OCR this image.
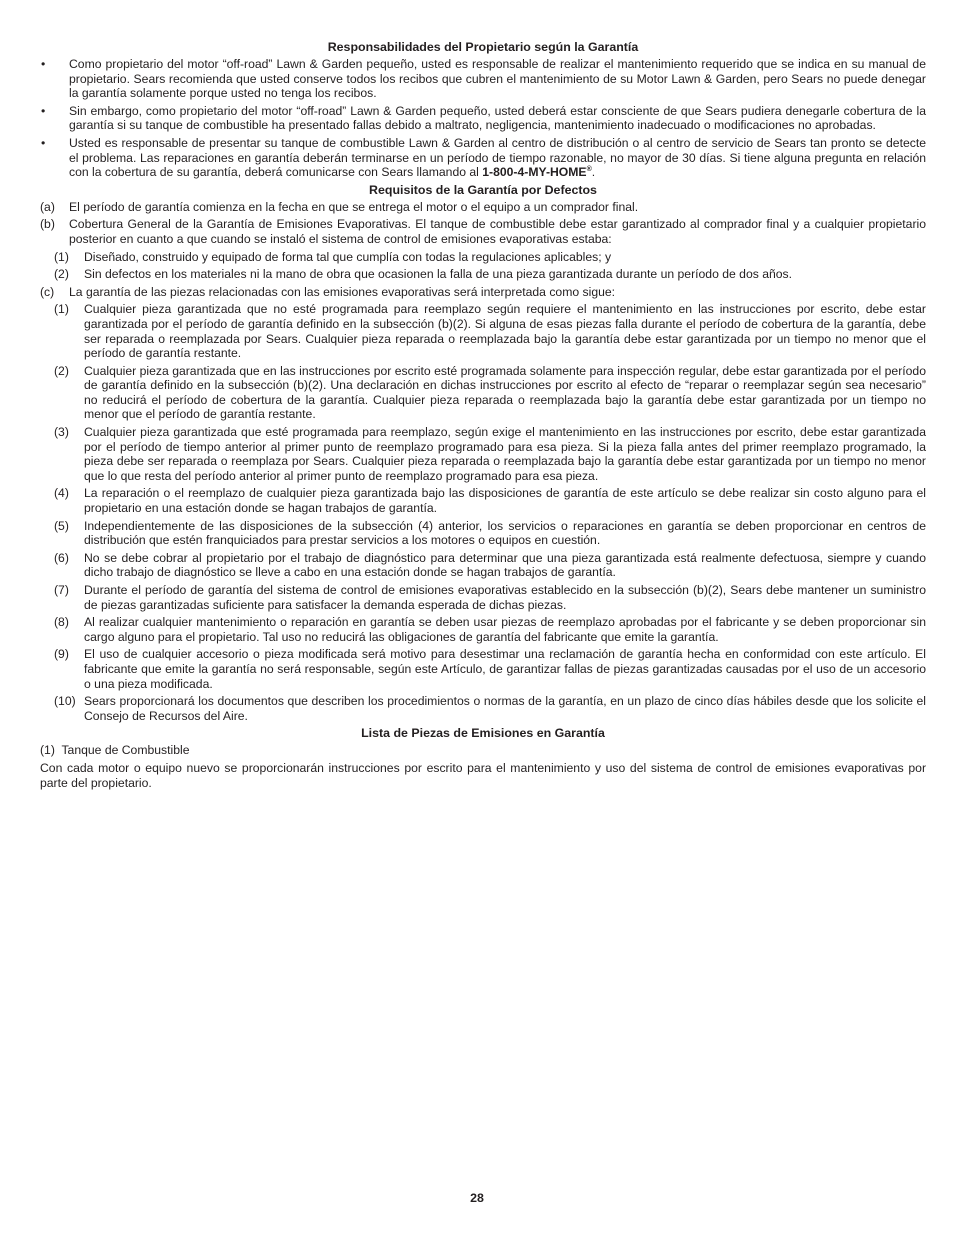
Responsabilidades del Propietario según la Garantía
• Como propietario del motor “off-road” Lawn & Garden pequeño, usted es responsable de realizar el mantenimiento requerido que se indica en su manual de propietario. Sears recomienda que usted conserve todos los recibos que cubren el mantenimiento de su Motor Lawn & Garden, pero Sears no puede denegar la garantía solamente porque usted no tenga los recibos.
• Sin embargo, como propietario del motor “off-road” Lawn & Garden pequeño, usted deberá estar consciente de que Sears pudiera denegarle cobertura de la garantía si su tanque de combustible ha presentado fallas debido a maltrato, negligencia, mantenimiento inadecuado o modificaciones no aprobadas.
• Usted es responsable de presentar su tanque de combustible Lawn & Garden al centro de distribución o al centro de servicio de Sears tan pronto se detecte el problema. Las reparaciones en garantía deberán terminarse en un período de tiempo razonable, no mayor de 30 días. Si tiene alguna pregunta en relación con la cobertura de su garantía, deberá comunicarse con Sears llamando al 1-800-4-MY-HOME®.
Requisitos de la Garantía por Defectos
(a) El período de garantía comienza en la fecha en que se entrega el motor o el equipo a un comprador final.
(b) Cobertura General de la Garantía de Emisiones Evaporativas. El tanque de combustible debe estar garantizado al comprador final y a cualquier propietario posterior en cuanto a que cuando se instaló el sistema de control de emisiones evaporativas estaba:
(1) Diseñado, construido y equipado de forma tal que cumplía con todas la regulaciones aplicables; y
(2) Sin defectos en los materiales ni la mano de obra que ocasionen la falla de una pieza garantizada durante un período de dos años.
(c) La garantía de las piezas relacionadas con las emisiones evaporativas será interpretada como sigue:
(1) Cualquier pieza garantizada que no esté programada para reemplazo según requiere el mantenimiento en las instrucciones por escrito, debe estar garantizada por el período de garantía definido en la subsección (b)(2). Si alguna de esas piezas falla durante el período de cobertura de la garantía, debe ser reparada o reemplazada por Sears. Cualquier pieza reparada o reemplazada bajo la garantía debe estar garantizada por un tiempo no menor que el período de garantía restante.
(2) Cualquier pieza garantizada que en las instrucciones por escrito esté programada solamente para inspección regular, debe estar garantizada por el período de garantía definido en la subsección (b)(2). Una declaración en dichas instrucciones por escrito al efecto de “reparar o reemplazar según sea necesario” no reducirá el período de cobertura de la garantía. Cualquier pieza reparada o reemplazada bajo la garantía debe estar garantizada por un tiempo no menor que el período de garantía restante.
(3) Cualquier pieza garantizada que esté programada para reemplazo, según exige el mantenimiento en las instrucciones por escrito, debe estar garantizada por el período de tiempo anterior al primer punto de reemplazo programado para esa pieza. Si la pieza falla antes del primer reemplazo programado, la pieza debe ser reparada o reemplaza por Sears. Cualquier pieza reparada o reemplazada bajo la garantía debe estar garantizada por un tiempo no menor que lo que resta del período anterior al primer punto de reemplazo programado para esa pieza.
(4) La reparación o el reemplazo de cualquier pieza garantizada bajo las disposiciones de garantía de este artículo se debe realizar sin costo alguno para el propietario en una estación donde se hagan trabajos de garantía.
(5) Independientemente de las disposiciones de la subsección (4) anterior, los servicios o reparaciones en garantía se deben proporcionar en centros de distribución que estén franquiciados para prestar servicios a los motores o equipos en cuestión.
(6) No se debe cobrar al propietario por el trabajo de diagnóstico para determinar que una pieza garantizada está realmente defectuosa, siempre y cuando dicho trabajo de diagnóstico se lleve a cabo en una estación donde se hagan trabajos de garantía.
(7) Durante el período de garantía del sistema de control de emisiones evaporativas establecido en la subsección (b)(2), Sears debe mantener un suministro de piezas garantizadas suficiente para satisfacer la demanda esperada de dichas piezas.
(8) Al realizar cualquier mantenimiento o reparación en garantía se deben usar piezas de reemplazo aprobadas por el fabricante y se deben proporcionar sin cargo alguno para el propietario. Tal uso no reducirá las obligaciones de garantía del fabricante que emite la garantía.
(9) El uso de cualquier accesorio o pieza modificada será motivo para desestimar una reclamación de garantía hecha en conformidad con este artículo. El fabricante que emite la garantía no será responsable, según este Artículo, de garantizar fallas de piezas garantizadas causadas por el uso de un accesorio o una pieza modificada.
(10) Sears proporcionará los documentos que describen los procedimientos o normas de la garantía, en un plazo de cinco días hábiles desde que los solicite el Consejo de Recursos del Aire.
Lista de Piezas de Emisiones en Garantía
(1)  Tanque de Combustible
Con cada motor o equipo nuevo se proporcionarán instrucciones por escrito para el mantenimiento y uso del sistema de control de emisiones evaporativas por parte del propietario.
28
